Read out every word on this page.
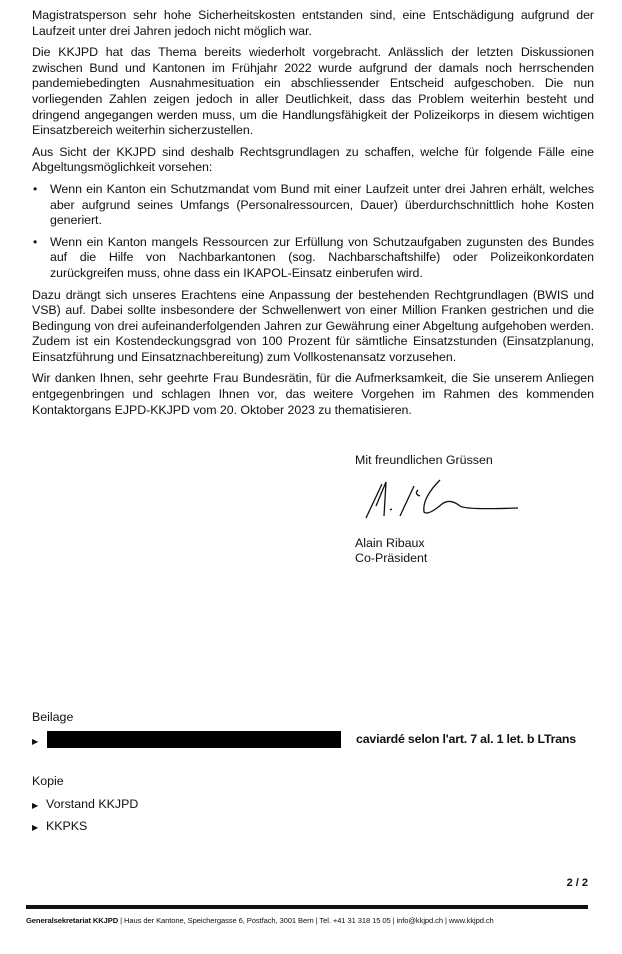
Magistratsperson sehr hohe Sicherheitskosten entstanden sind, eine Entschädigung aufgrund der Laufzeit unter drei Jahren jedoch nicht möglich war.

Die KKJPD hat das Thema bereits wiederholt vorgebracht. Anlässlich der letzten Diskussionen zwischen Bund und Kantonen im Frühjahr 2022 wurde aufgrund der damals noch herrschenden pandemiebedingten Ausnahmesituation ein abschliessender Entscheid aufgeschoben. Die nun vorliegenden Zahlen zeigen jedoch in aller Deutlichkeit, dass das Problem weiterhin besteht und dringend angegangen werden muss, um die Handlungsfähigkeit der Polizeikorps in diesem wichtigen Einsatzbereich weiterhin sicherzustellen.

Aus Sicht der KKJPD sind deshalb Rechtsgrundlagen zu schaffen, welche für folgende Fälle eine Abgeltungsmöglichkeit vorsehen:

• Wenn ein Kanton ein Schutzmandat vom Bund mit einer Laufzeit unter drei Jahren erhält, welches aber aufgrund seines Umfangs (Personalressourcen, Dauer) überdurchschnittlich hohe Kosten generiert.
• Wenn ein Kanton mangels Ressourcen zur Erfüllung von Schutzaufgaben zugunsten des Bundes auf die Hilfe von Nachbarkantonen (sog. Nachbarschaftshilfe) oder Polizeikonkordaten zurückgreifen muss, ohne dass ein IKAPOL-Einsatz einberufen wird.

Dazu drängt sich unseres Erachtens eine Anpassung der bestehenden Rechtgrundlagen (BWIS und VSB) auf. Dabei sollte insbesondere der Schwellenwert von einer Million Franken gestrichen und die Bedingung von drei aufeinanderfolgenden Jahren zur Gewährung einer Abgeltung aufgehoben werden. Zudem ist ein Kostendeckungsgrad von 100 Prozent für sämtliche Einsatzstunden (Einsatzplanung, Einsatzführung und Einsatznachbereitung) zum Vollkostenansatz vorzusehen.

Wir danken Ihnen, sehr geehrte Frau Bundesrätin, für die Aufmerksamkeit, die Sie unserem Anliegen entgegenbringen und schlagen Ihnen vor, das weitere Vorgehen im Rahmen des kommenden Kontaktorgans EJPD-KKJPD vom 20. Oktober 2023 zu thematisieren.

Mit freundlichen Grüssen
Alain Ribaux
Co-Präsident
Beilage
▶	caviardé selon l'art. 7 al. 1 let. b LTrans
Kopie
▶ Vorstand KKJPD
▶ KKPKS
2 / 2
Generalsekretariat KKJPD | Haus der Kantone, Speichergasse 6, Postfach, 3001 Bern | Tel. +41 31 318 15 05 | info@kkjpd.ch | www.kkjpd.ch
